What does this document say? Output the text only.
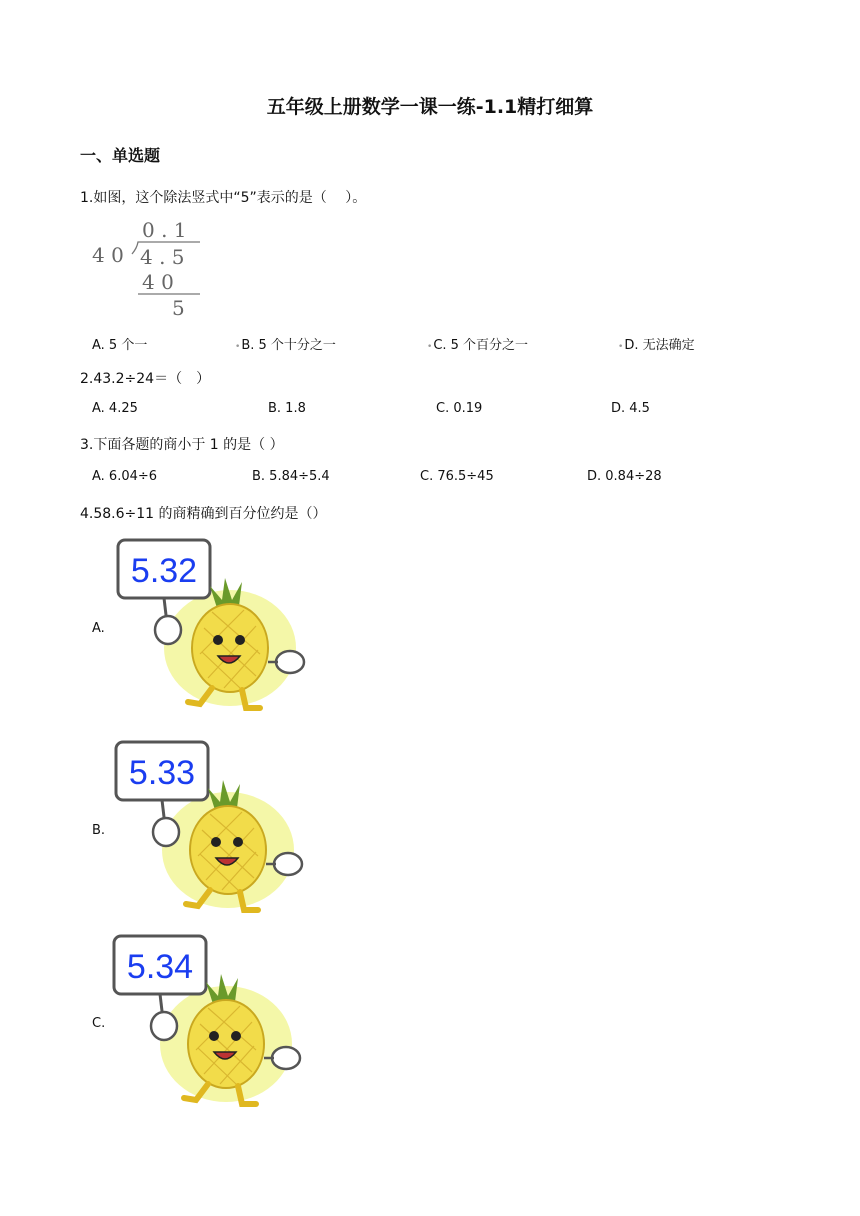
五年级上册数学一课一练-1.1精打细算
一、单选题
1.如图，这个除法竖式中“5”表示的是（　 ）。
4 0
0 . 1
4 . 5
4 0
5
A. 5 个一	•B. 5 个十分之一	•C. 5 个百分之一	•D. 无法确定
2.43.2÷24＝（　）
A. 4.25	B. 1.8	C. 0.19	D. 4.5
3.下面各题的商小于 1 的是（ ）
A. 6.04÷6	B. 5.84÷5.4	C. 76.5÷45	D. 0.84÷28
4.58.6÷11 的商精确到百分位约是（）
A.
5.32
B.
5.33
C.
5.34
